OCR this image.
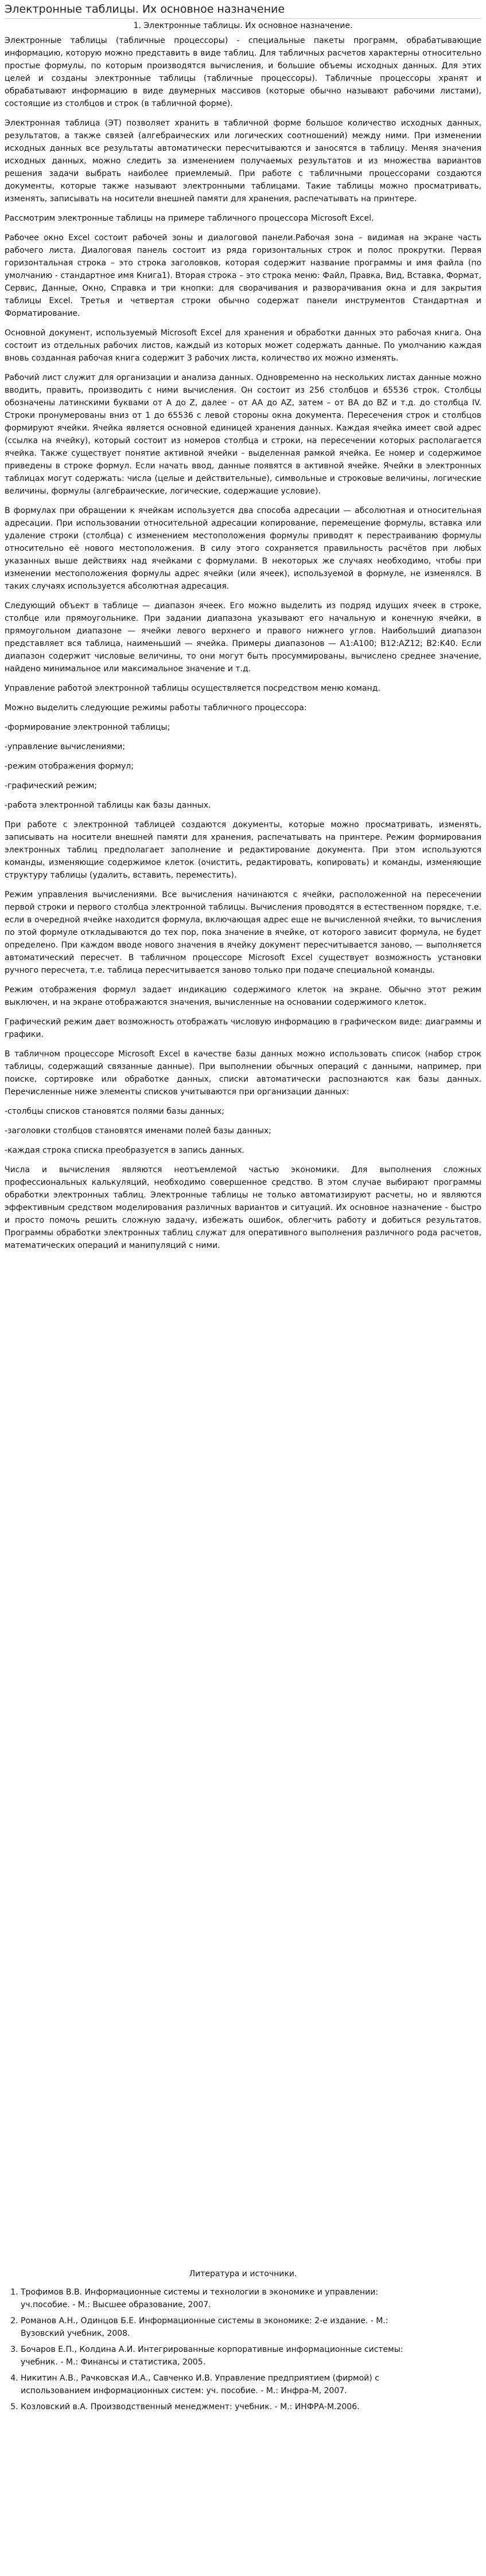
Электронные таблицы. Их основное назначение
1. Электронные таблицы. Их основное назначение.

Электронные таблицы (табличные процессоры) - специальные пакеты программ, обрабатывающие информацию, которую можно представить в виде таблиц. Для табличных расчетов характерны относительно простые формулы, по которым производятся вычисления, и большие объемы исходных данных. Для этих целей и созданы электронные таблицы (табличные процессоры). Табличные процессоры хранят и обрабатывают информацию в виде двумерных массивов (которые обычно называют рабочими листами), состоящие из столбцов и строк (в табличной форме).

Электронная таблица (ЭТ) позволяет хранить в табличной форме большое количество исходных данных, результатов, а также связей (алгебраических или логических соотношений) между ними. При изменении исходных данных все результаты автоматически пересчитываются и заносятся в таблицу. Меняя значения исходных данных, можно следить за изменением получаемых результатов и из множества вариантов решения задачи выбрать наиболее приемлемый. При работе с табличными процессорами создаются документы, которые также называют электронными таблицами. Такие таблицы можно просматривать, изменять, записывать на носители внешней памяти для хранения, распечатывать на принтере.

Рассмотрим электронные таблицы на примере табличного процессора Microsoft Excel.

Рабочее окно Excel состоит рабочей зоны и диалоговой панели.Рабочая зона – видимая на экране часть рабочего листа. Диалоговая панель состоит из ряда горизонтальных строк и полос прокрутки. Первая горизонтальная строка – это строка заголовков, которая содержит название программы и имя файла (по умолчанию - стандартное имя Книга1). Вторая строка – это строка меню: Файл, Правка, Вид, Вставка, Формат, Сервис, Данные, Окно, Справка и три кнопки: для сворачивания и разворачивания окна и для закрытия таблицы Excel. Третья и четвертая строки обычно содержат панели инструментов Стандартная и Форматирование.

Основной документ, используемый Microsoft Excel для хранения и обработки данных это рабочая книга. Она состоит из отдельных рабочих листов, каждый из которых может содержать данные. По умолчанию каждая вновь созданная рабочая книга содержит 3 рабочих листа, количество их можно изменять.

Рабочий лист служит для организации и анализа данных. Одновременно на нескольких листах данные можно вводить, править, производить с ними вычисления. Он состоит из 256 столбцов и 65536 строк. Столбцы обозначены латинскими буквами от A до Z, далее – от AA до AZ, затем – от BA до BZ и т.д. до столбца IV. Строки пронумерованы вниз от 1 до 65536 с левой стороны окна документа. Пересечения строк и столбцов формируют ячейки. Ячейка является основной единицей хранения данных. Каждая ячейка имеет свой адрес (ссылка на ячейку), который состоит из номеров столбца и строки, на пересечении которых располагается ячейка. Также существует понятие активной ячейки - выделенная рамкой ячейка. Ее номер и содержимое приведены в строке формул. Если начать ввод, данные появятся в активной ячейке. Ячейки в электронных таблицах могут содержать: числа (целые и действительные), символьные и строковые величины, логические величины, формулы (алгебраические, логические, содержащие условие).

В формулах при обращении к ячейкам используется два способа адресации — абсолютная и относительная адресации. При использовании относительной адресации копирование, перемещение формулы, вставка или удаление строки (столбца) с изменением местоположения формулы приводят к перестраиванию формулы относительно её нового местоположения. В силу этого сохраняется правильность расчётов при любых указанных выше действиях над ячейками с формулами. В некоторых же случаях необходимо, чтобы при изменении местоположения формулы адрес ячейки (или ячеек), используемой в формуле, не изменялся. В таких случаях используется абсолютная адресация.

Следующий объект в таблице — диапазон ячеек. Его можно выделить из подряд идущих ячеек в строке, столбце или прямоугольнике. При задании диапазона указывают его начальную и конечную ячейки, в прямоугольном диапазоне — ячейки левого верхнего и правого нижнего углов. Наибольший диапазон представляет вся таблица, наименьший — ячейка. Примеры диапазонов — A1:A100; B12:AZ12; B2:K40. Если диапазон содержит числовые величины, то они могут быть просуммированы, вычислено среднее значение, найдено минимальное или максимальное значение и т.д.

Управление работой электронной таблицы осуществляется посредством меню команд.

Можно выделить следующие режимы работы табличного процессора:

-формирование электронной таблицы;

-управление вычислениями;

-режим отображения формул;

-графический режим;

-работа электронной таблицы как базы данных.

При работе с электронной таблицей создаются документы, которые можно просматривать, изменять, записывать на носители внешней памяти для хранения, распечатывать на принтере. Режим формирования электронных таблиц предполагает заполнение и редактирование документа. При этом используются команды, изменяющие содержимое клеток (очистить, редактировать, копировать) и команды, изменяющие структуру таблицы (удалить, вставить, переместить).

Режим управления вычислениями. Все вычисления начинаются с ячейки, расположенной на пересечении первой строки и первого столбца электронной таблицы. Вычисления проводятся в естественном порядке, т.е. если в очередной ячейке находится формула, включающая адрес еще не вычисленной ячейки, то вычисления по этой формуле откладываются до тех пор, пока значение в ячейке, от которого зависит формула, не будет определено. При каждом вводе нового значения в ячейку документ пересчитывается заново, — выполняется автоматический пересчет. В табличном процессоре Microsoft Excel существует возможность установки ручного пересчета, т.е. таблица пересчитывается заново только при подаче специальной команды.

Режим отображения формул задает индикацию содержимого клеток на экране. Обычно этот режим выключен, и на экране отображаются значения, вычисленные на основании содержимого клеток.

Графический режим дает возможность отображать числовую информацию в графическом виде: диаграммы и графики.

В табличном процессоре Microsoft Excel в качестве базы данных можно использовать список (набор строк таблицы, содержащий связанные данные). При выполнении обычных операций с данными, например, при поиске, сортировке или обработке данных, списки автоматически распознаются как базы данных. Перечисленные ниже элементы списков учитываются при организации данных:

-столбцы списков становятся полями базы данных;

-заголовки столбцов становятся именами полей базы данных;

-каждая строка списка преобразуется в запись данных.

Числа и вычисления являются неотъемлемой частью экономики. Для выполнения сложных профессиональных калькуляций, необходимо совершенное средство. В этом случае выбирают программы обработки электронных таблиц. Электронные таблицы не только автоматизируют расчеты, но и являются эффективным средством моделирования различных вариантов и ситуаций. Их основное назначение - быстро и просто помочь решить сложную задачу, избежать ошибок, облегчить работу и добиться результатов. Программы обработки электронных таблиц служат для оперативного выполнения различного рода расчетов, математических операций и манипуляций с ними.

Литература и источники.
1. Трофимов В.В. Информационные системы и технологии в экономике и управлении: уч.пособие. - М.: Высшее образование, 2007.
2. Романов А.Н., Одинцов Б.Е. Информационные системы в экономике: 2-е издание. - М.: Вузовский учебник, 2008.
3. Бочаров Е.П., Колдина А.И. Интегрированные корпоративные информационные системы: учебник. - М.: Финансы и статистика, 2005.
4. Никитин А.В., Рачковская И.А., Савченко И.В. Управление предприятием (фирмой) с использованием информационных систем: уч. пособие. - М.: Инфра-М, 2007.
5. Козловский в.А. Производственный менеджмент: учебник. - М.: ИНФРА-М.2006.
